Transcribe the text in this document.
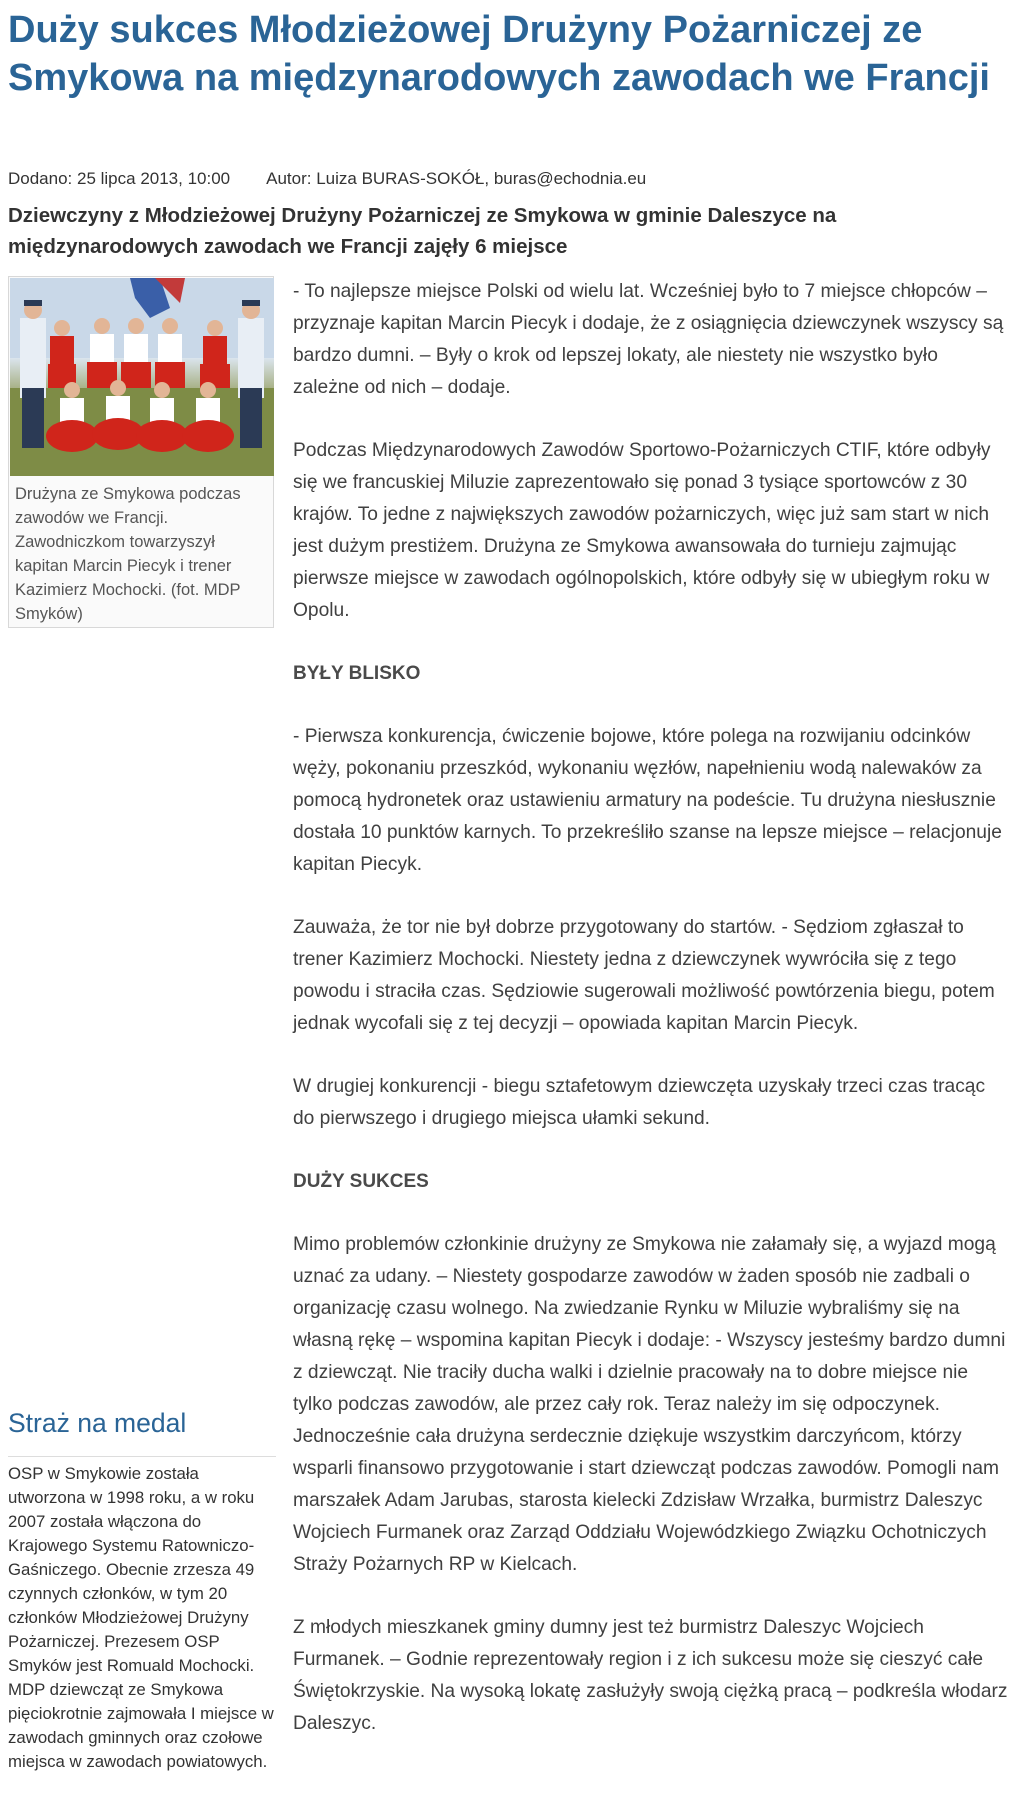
Duży sukces Młodzieżowej Drużyny Pożarniczej ze Smykowa na międzynarodowych zawodach we Francji
Dodano: 25 lipca 2013, 10:00 Autor: Luiza BURAS-SOKÓŁ, buras@echodnia.eu
Dziewczyny z Młodzieżowej Drużyny Pożarniczej ze Smykowa w gminie Daleszyce na międzynarodowych zawodach we Francji zajęły 6 miejsce
Drużyna ze Smykowa podczas zawodów we Francji. Zawodniczkom towarzyszył kapitan Marcin Piecyk i trener Kazimierz Mochocki. (fot. MDP Smyków)

- To najlepsze miejsce Polski od wielu lat. Wcześniej było to 7 miejsce chłopców – przyznaje kapitan Marcin Piecyk i dodaje, że z osiągnięcia dziewczynek wszyscy są bardzo dumni. – Były o krok od lepszej lokaty, ale niestety nie wszystko było zależne od nich – dodaje.

Podczas Międzynarodowych Zawodów Sportowo-Pożarniczych CTIF, które odbyły się we francuskiej Miluzie zaprezentowało się ponad 3 tysiące sportowców z 30 krajów. To jedne z największych zawodów pożarniczych, więc już sam start w nich jest dużym prestiżem. Drużyna ze Smykowa awansowała do turnieju zajmując pierwsze miejsce w zawodach ogólnopolskich, które odbyły się w ubiegłym roku w Opolu.

BYŁY BLISKO

- Pierwsza konkurencja, ćwiczenie bojowe, które polega na rozwijaniu odcinków węży, pokonaniu przeszkód, wykonaniu węzłów, napełnieniu wodą nalewaków za pomocą hydronetek oraz ustawieniu armatury na podeście. Tu drużyna niesłusznie dostała 10 punktów karnych. To przekreśliło szanse na lepsze miejsce – relacjonuje kapitan Piecyk.

Zauważa, że tor nie był dobrze przygotowany do startów. - Sędziom zgłaszał to trener Kazimierz Mochocki. Niestety jedna z dziewczynek wywróciła się z tego powodu i straciła czas. Sędziowie sugerowali możliwość powtórzenia biegu, potem jednak wycofali się z tej decyzji – opowiada kapitan Marcin Piecyk.

W drugiej konkurencji - biegu sztafetowym dziewczęta uzyskały trzeci czas tracąc do pierwszego i drugiego miejsca ułamki sekund.

DUŻY SUKCES

Mimo problemów członkinie drużyny ze Smykowa nie załamały się, a wyjazd mogą uznać za udany. – Niestety gospodarze zawodów w żaden sposób nie zadbali o organizację czasu wolnego. Na zwiedzanie Rynku w Miluzie wybraliśmy się na własną rękę – wspomina kapitan Piecyk i dodaje: - Wszyscy jesteśmy bardzo dumni z dziewcząt. Nie traciły ducha walki i dzielnie pracowały na to dobre miejsce nie tylko podczas zawodów, ale przez cały rok. Teraz należy im się odpoczynek. Jednocześnie cała drużyna serdecznie dziękuje wszystkim darczyńcom, którzy wsparli finansowo przygotowanie i start dziewcząt podczas zawodów. Pomogli nam marszałek Adam Jarubas, starosta kielecki Zdzisław Wrzałka, burmistrz Daleszyc Wojciech Furmanek oraz Zarząd Oddziału Wojewódzkiego Związku Ochotniczych Straży Pożarnych RP w Kielcach.

Z młodych mieszkanek gminy dumny jest też burmistrz Daleszyc Wojciech Furmanek. – Godnie reprezentowały region i z ich sukcesu może się cieszyć całe Świętokrzyskie. Na wysoką lokatę zasłużyły swoją ciężką pracą – podkreśla włodarz Daleszyc.

Straż na medal
OSP w Smykowie została utworzona w 1998 roku, a w roku 2007 została włączona do Krajowego Systemu Ratowniczo-Gaśniczego. Obecnie zrzesza 49 czynnych członków, w tym 20 członków Młodzieżowej Drużyny Pożarniczej. Prezesem OSP Smyków jest Romuald Mochocki. MDP dziewcząt ze Smykowa pięciokrotnie zajmowała I miejsce w zawodach gminnych oraz czołowe miejsca w zawodach powiatowych.
